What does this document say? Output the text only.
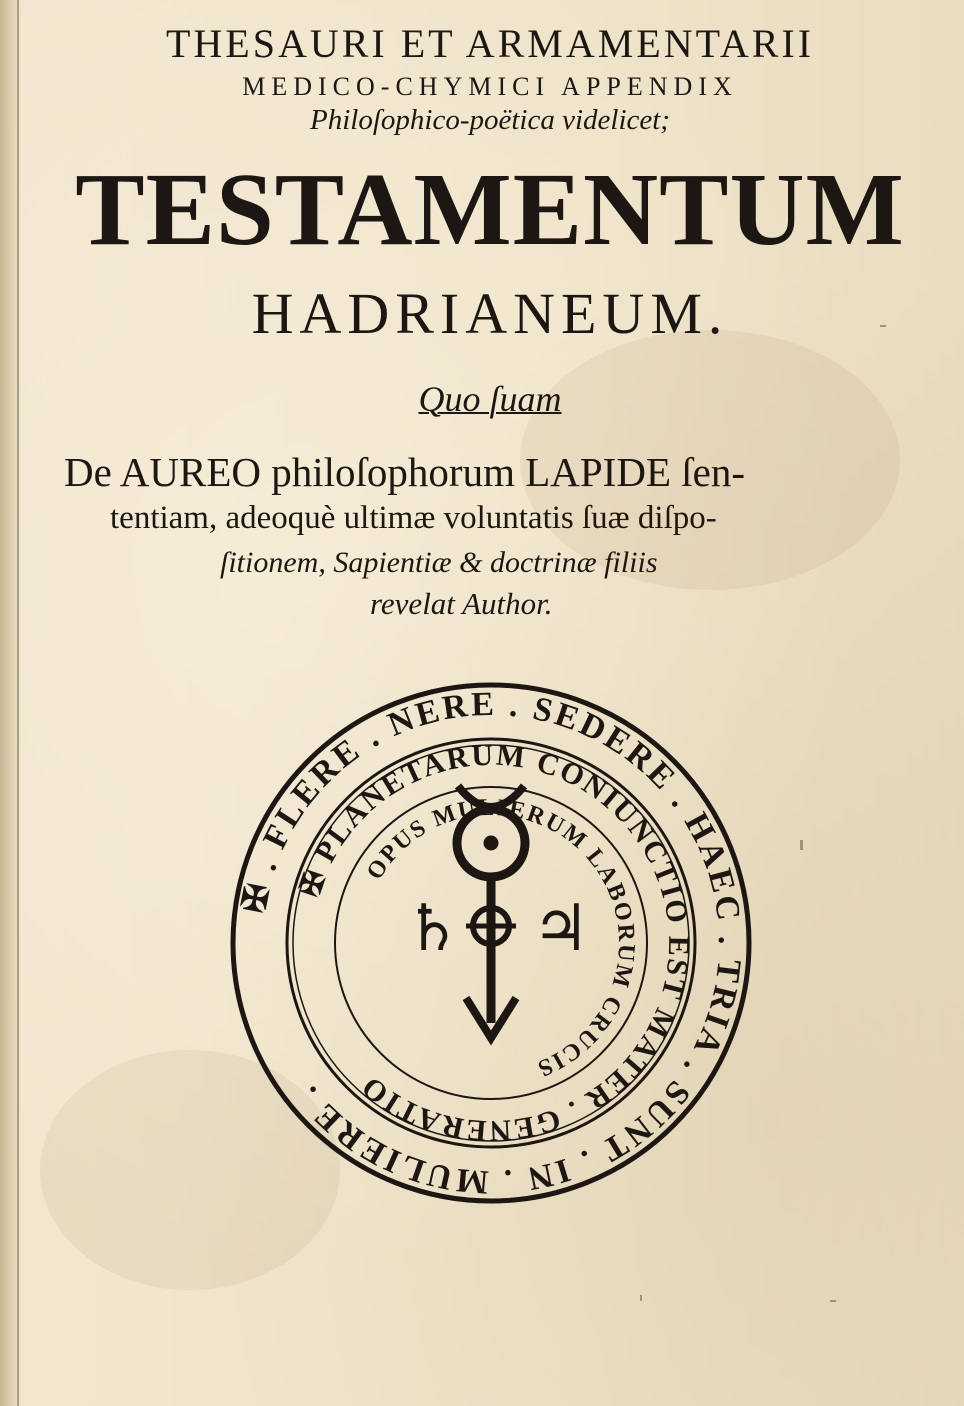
THESAURI ET ARMAMENTARII
MEDICO-CHYMICI APPENDIX
Philoſophico-poëtica videlicet;
TESTAMENTUM
HADRIANEUM.
Quo ſuam
De AUREO philoſophorum LAPIDE ſen-
tentiam, adeoquè ultimæ voluntatis ſuæ diſpo-
ſitionem, Sapientiæ & doctrinæ filiis
revelat Author.
✠ . FLERE . NERE . SEDERE . HAEC . TRIA . SUNT . IN . MULIERE .
✠ PLANETARUM CONIUNCTIO EST MATER . GENERATIO
OPUS MULIERUM LABORUM CRUCIS
♄ ♃
